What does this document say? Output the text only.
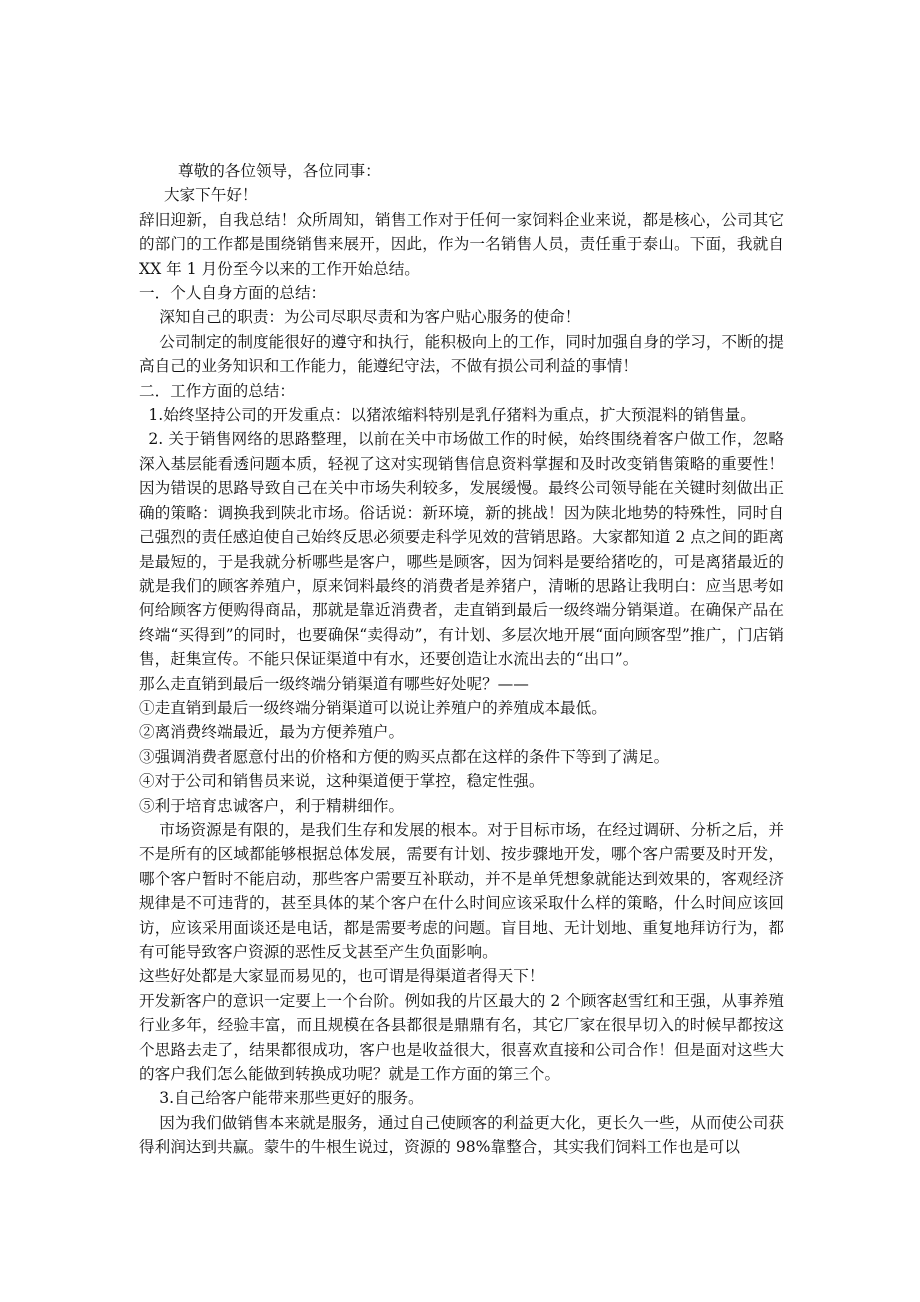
尊敬的各位领导，各位同事：

大家下午好！

辞旧迎新，自我总结！众所周知，销售工作对于任何一家饲料企业来说，都是核心，公司其它的部门的工作都是围绕销售来展开，因此，作为一名销售人员，责任重于泰山。下面，我就自 XX 年 1 月份至今以来的工作开始总结。

一．个人自身方面的总结：

深知自己的职责：为公司尽职尽责和为客户贴心服务的使命！

公司制定的制度能很好的遵守和执行，能积极向上的工作，同时加强自身的学习，不断的提高自己的业务知识和工作能力，能遵纪守法，不做有损公司利益的事情！

二．工作方面的总结：

1.始终坚持公司的开发重点：以猪浓缩料特别是乳仔猪料为重点，扩大预混料的销售量。

2. 关于销售网络的思路整理，以前在关中市场做工作的时候，始终围绕着客户做工作，忽略深入基层能看透问题本质，轻视了这对实现销售信息资料掌握和及时改变销售策略的重要性！因为错误的思路导致自己在关中市场失利较多，发展缓慢。最终公司领导能在关键时刻做出正确的策略：调换我到陕北市场。俗话说：新环境，新的挑战！因为陕北地势的特殊性，同时自己强烈的责任感迫使自己始终反思必须要走科学见效的营销思路。大家都知道 2 点之间的距离是最短的，于是我就分析哪些是客户，哪些是顾客，因为饲料是要给猪吃的，可是离猪最近的就是我们的顾客养殖户，原来饲料最终的消费者是养猪户，清晰的思路让我明白：应当思考如何给顾客方便购得商品，那就是靠近消费者，走直销到最后一级终端分销渠道。在确保产品在终端“买得到”的同时，也要确保“卖得动”，有计划、多层次地开展“面向顾客型”推广，门店销售，赶集宣传。不能只保证渠道中有水，还要创造让水流出去的“出口”。

那么走直销到最后一级终端分销渠道有哪些好处呢？——

①走直销到最后一级终端分销渠道可以说让养殖户的养殖成本最低。

②离消费终端最近，最为方便养殖户。

③强调消费者愿意付出的价格和方便的购买点都在这样的条件下等到了满足。

④对于公司和销售员来说，这种渠道便于掌控，稳定性强。

⑤利于培育忠诚客户，利于精耕细作。

市场资源是有限的，是我们生存和发展的根本。对于目标市场，在经过调研、分析之后，并不是所有的区域都能够根据总体发展，需要有计划、按步骤地开发，哪个客户需要及时开发，哪个客户暂时不能启动，那些客户需要互补联动，并不是单凭想象就能达到效果的，客观经济规律是不可违背的，甚至具体的某个客户在什么时间应该采取什么样的策略，什么时间应该回访，应该采用面谈还是电话，都是需要考虑的问题。盲目地、无计划地、重复地拜访行为，都有可能导致客户资源的恶性反戈甚至产生负面影响。

这些好处都是大家显而易见的，也可谓是得渠道者得天下！

开发新客户的意识一定要上一个台阶。例如我的片区最大的 2 个顾客赵雪红和王强，从事养殖行业多年，经验丰富，而且规模在各县都很是鼎鼎有名，其它厂家在很早切入的时候早都按这个思路去走了，结果都很成功，客户也是收益很大，很喜欢直接和公司合作！但是面对这些大的客户我们怎么能做到转换成功呢？就是工作方面的第三个。

3.自己给客户能带来那些更好的服务。

因为我们做销售本来就是服务，通过自己使顾客的利益更大化，更长久一些，从而使公司获得利润达到共赢。蒙牛的牛根生说过，资源的 98%靠整合，其实我们饲料工作也是可以
